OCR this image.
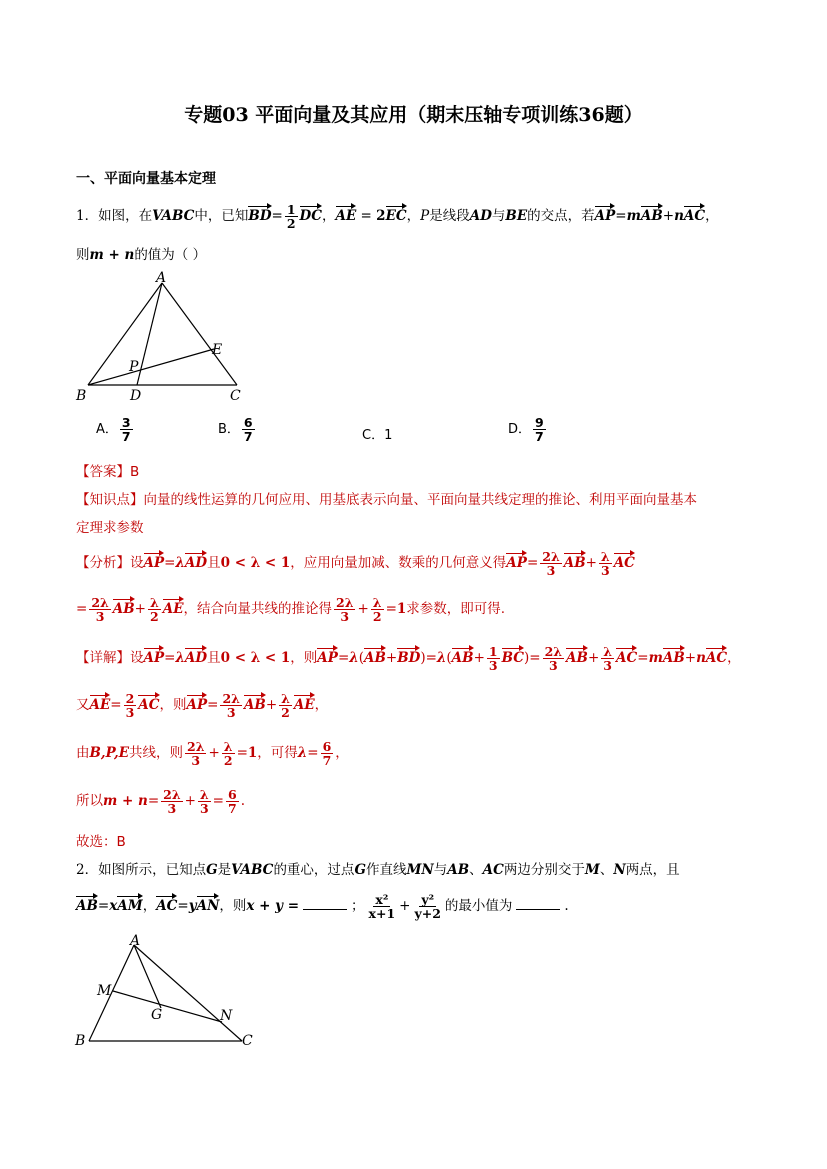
专题03 平面向量及其应用（期末压轴专项训练36题）
一、平面向量基本定理
1．如图，在VABC中，已知$BD= \frac{1}{2}$ DC，AE = 2EC，P是线段AD与BE的交点，若AP=mAB+nAC，
则m + n的值为（ ）
A
B	C
D
E
P
A． $\frac{3}{7}$	B． $\frac{6}{7}$	C．1	D． $\frac{9}{7}$
【答案】B
【知识点】向量的线性运算的几何应用、用基底表示向量、平面向量共线定理的推论、利用平面向量基本
定理求参数
【分析】设AP=λAD且0 < λ < 1，应用向量加减、数乘的几何意义得$AP= \frac{2\lambda}{3} AB+ \frac{\lambda}{3}$ AC
= $\frac{2\lambda}{3} AB+ \frac{\lambda}{2}$ AE，结合向量共线的推论得 $\frac{2\lambda}{3} + \frac{\lambda}{2} =1$求参数，即可得.
【详解】设AP=λAD且0 < λ < 1，则$AP=\lambda(AB+BD)=\lambda(AB+ \frac{1}{3} BC)= \frac{2\lambda}{3} AB+ \frac{\lambda}{3} AC=mAB+nAC$，
又$AE= \frac{2}{3}$ AC，则$AP= \frac{2\lambda}{3} AB+ \frac{\lambda}{2}$ AE，
由B,P,E共线，则 $\frac{2\lambda}{3} + \frac{\lambda}{2} =1$，可得$\lambda= \frac{6}{7}$ ，
所以$m + n= \frac{2\lambda}{3} + \frac{\lambda}{3} = \frac{6}{7}$ .
故选：B
2．如图所示，已知点G是VABC的重心，过点G作直线MN与AB、AC两边分别交于M、N两点，且
AB=xAM，AC=yAN，则x + y =	； $\frac{\text{x²}}{x+1} + \frac{\text{y²}}{y+2}$ 的最小值为	.
A
B	C
M
N
G
